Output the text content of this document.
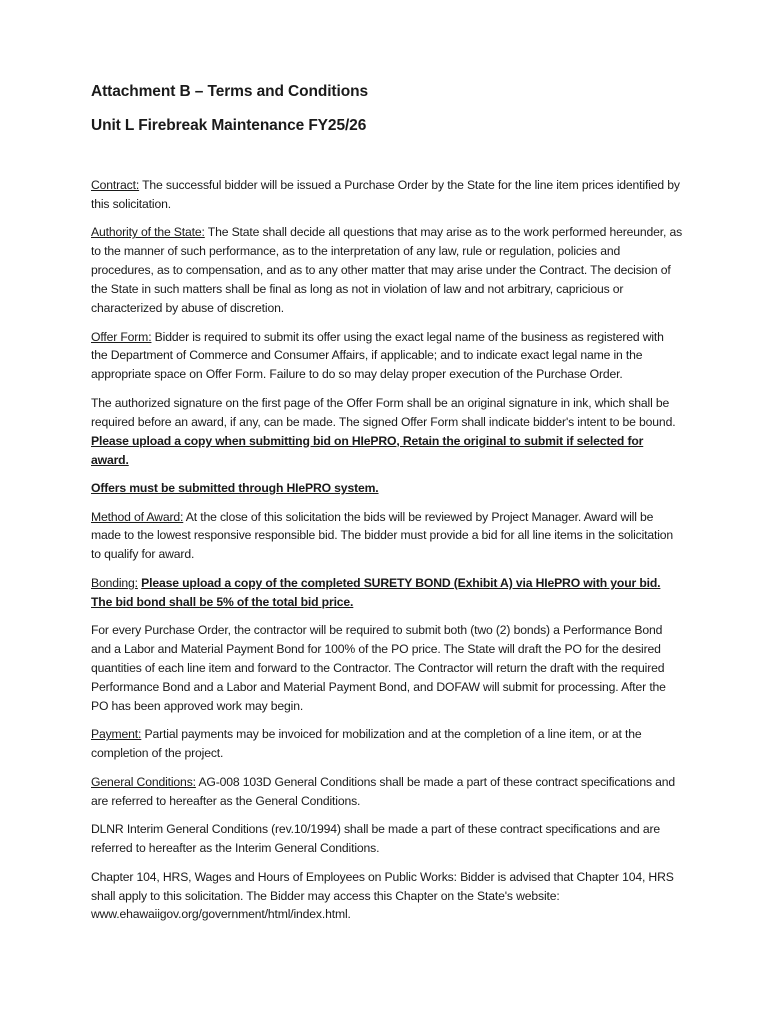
Attachment B – Terms and Conditions
Unit L Firebreak Maintenance FY25/26

Contract: The successful bidder will be issued a Purchase Order by the State for the line item prices identified by this solicitation.

Authority of the State: The State shall decide all questions that may arise as to the work performed hereunder, as to the manner of such performance, as to the interpretation of any law, rule or regulation, policies and procedures, as to compensation, and as to any other matter that may arise under the Contract. The decision of the State in such matters shall be final as long as not in violation of law and not arbitrary, capricious or characterized by abuse of discretion.

Offer Form: Bidder is required to submit its offer using the exact legal name of the business as registered with the Department of Commerce and Consumer Affairs, if applicable; and to indicate exact legal name in the appropriate space on Offer Form. Failure to do so may delay proper execution of the Purchase Order.

The authorized signature on the first page of the Offer Form shall be an original signature in ink, which shall be required before an award, if any, can be made. The signed Offer Form shall indicate bidder's intent to be bound. Please upload a copy when submitting bid on HIePRO, Retain the original to submit if selected for award.

Offers must be submitted through HIePRO system.

Method of Award: At the close of this solicitation the bids will be reviewed by Project Manager. Award will be made to the lowest responsive responsible bid. The bidder must provide a bid for all line items in the solicitation to qualify for award.

Bonding: Please upload a copy of the completed SURETY BOND (Exhibit A) via HIePRO with your bid. The bid bond shall be 5% of the total bid price.

For every Purchase Order, the contractor will be required to submit both (two (2) bonds) a Performance Bond and a Labor and Material Payment Bond for 100% of the PO price. The State will draft the PO for the desired quantities of each line item and forward to the Contractor. The Contractor will return the draft with the required Performance Bond and a Labor and Material Payment Bond, and DOFAW will submit for processing. After the PO has been approved work may begin.

Payment: Partial payments may be invoiced for mobilization and at the completion of a line item, or at the completion of the project.

General Conditions: AG-008 103D General Conditions shall be made a part of these contract specifications and are referred to hereafter as the General Conditions.

DLNR Interim General Conditions (rev.10/1994) shall be made a part of these contract specifications and are referred to hereafter as the Interim General Conditions.

Chapter 104, HRS, Wages and Hours of Employees on Public Works: Bidder is advised that Chapter 104, HRS shall apply to this solicitation. The Bidder may access this Chapter on the State's website: www.ehawaiigov.org/government/html/index.html.
